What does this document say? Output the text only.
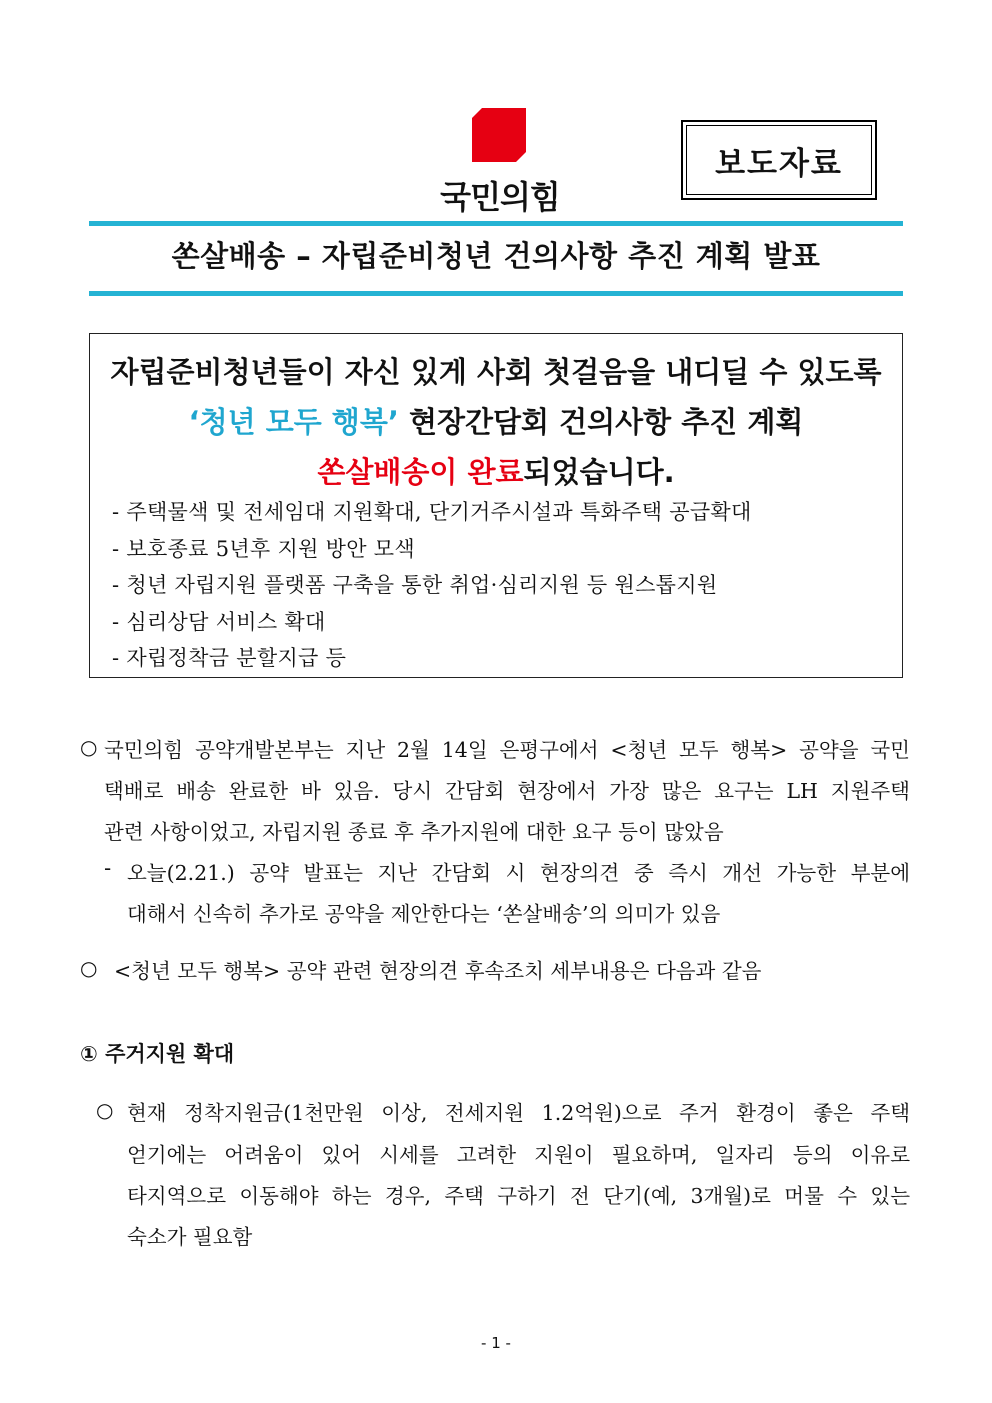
국민의힘
보도자료
쏜살배송 – 자립준비청년 건의사항 추진 계획 발표
자립준비청년들이 자신 있게 사회 첫걸음을 내디딜 수 있도록
‘청년 모두 행복’ 현장간담회 건의사항 추진 계획
쏜살배송이 완료되었습니다.
- 주택물색 및 전세임대 지원확대, 단기거주시설과 특화주택 공급확대
- 보호종료 5년후 지원 방안 모색
- 청년 자립지원 플랫폼 구축을 통한 취업·심리지원 등 원스톱지원
- 심리상담 서비스 확대
- 자립정착금 분할지급 등
○ 국민의힘 공약개발본부는 지난 2월 14일 은평구에서 <청년 모두 행복> 공약을 국민
택배로 배송 완료한 바 있음. 당시 간담회 현장에서 가장 많은 요구는 LH 지원주택
관련 사항이었고, 자립지원 종료 후 추가지원에 대한 요구 등이 많았음
- 오늘(2.21.) 공약 발표는 지난 간담회 시 현장의견 중 즉시 개선 가능한 부분에
대해서 신속히 추가로 공약을 제안한다는 ‘쏜살배송’의 의미가 있음
○ <청년 모두 행복> 공약 관련 현장의견 후속조치 세부내용은 다음과 같음
① 주거지원 확대
○ 현재 정착지원금(1천만원 이상, 전세지원 1.2억원)으로 주거 환경이 좋은 주택
얻기에는 어려움이 있어 시세를 고려한 지원이 필요하며, 일자리 등의 이유로
타지역으로 이동해야 하는 경우, 주택 구하기 전 단기(예, 3개월)로 머물 수 있는
숙소가 필요함
- 1 -
